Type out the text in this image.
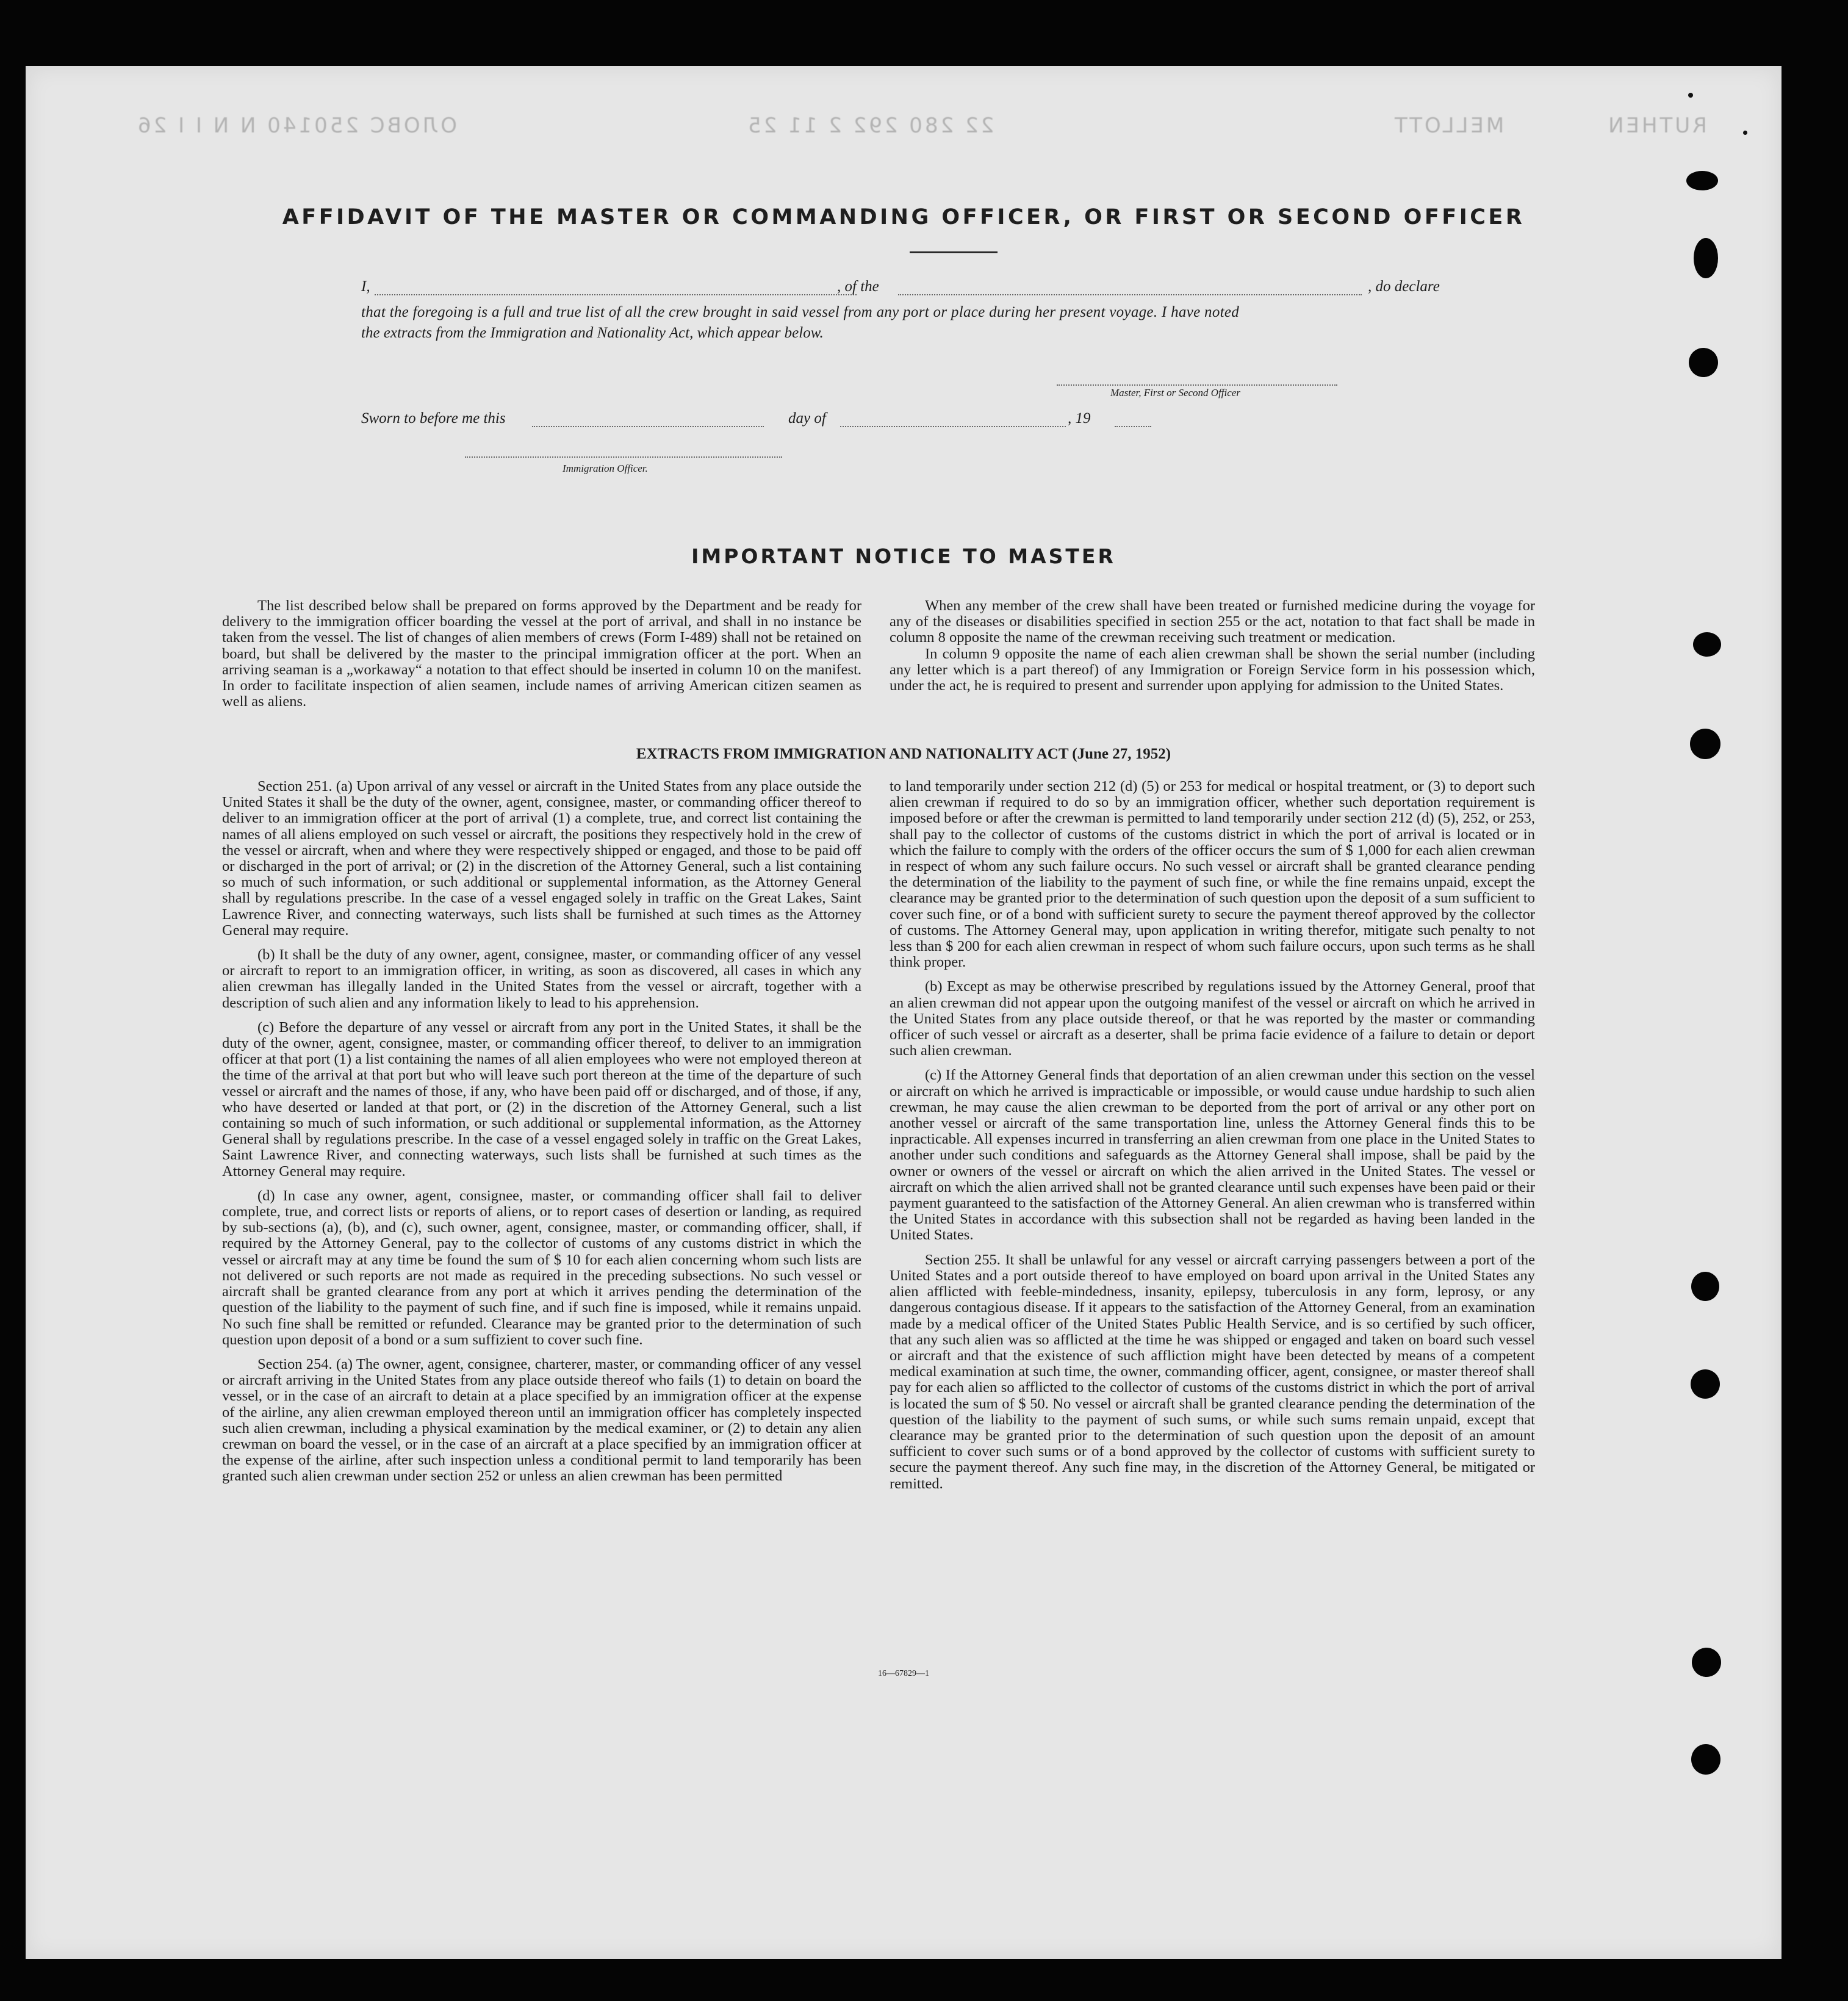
ОЛОВС 250140 N N I I 26	22 280 292 2 11 25	MELLOTT	RUTHEN
AFFIDAVIT OF THE MASTER OR COMMANDING OFFICER, OR FIRST OR SECOND OFFICER
I,	, of the	, do declare
that the foregoing is a full and true list of all the crew brought in said vessel from any port or place during her present voyage. I have noted
the extracts from the Immigration and Nationality Act, which appear below.
Master, First or Second Officer
Sworn to before me this	day of	, 19
Immigration Officer.
IMPORTANT NOTICE TO MASTER

The list described below shall be prepared on forms approved by the Department and be ready for delivery to the immigration officer boarding the vessel at the port of arrival, and shall in no instance be taken from the vessel. The list of changes of alien members of crews (Form I-489) shall not be retained on board, but shall be delivered by the master to the principal immigration officer at the port. When an arriving seaman is a „workaway“ a notation to that effect should be inserted in column 10 on the manifest. In order to facilitate inspection of alien seamen, include names of arriving American citizen seamen as well as aliens.

When any member of the crew shall have been treated or furnished medicine during the voyage for any of the diseases or disabilities specified in section 255 or the act, notation to that fact shall be made in column 8 opposite the name of the crewman receiving such treatment or medication.

In column 9 opposite the name of each alien crewman shall be shown the serial number (including any letter which is a part thereof) of any Immigration or Foreign Service form in his possession which, under the act, he is required to present and surrender upon applying for admission to the United States.

EXTRACTS FROM IMMIGRATION AND NATIONALITY ACT (June 27, 1952)

Section 251. (a) Upon arrival of any vessel or aircraft in the United States from any place outside the United States it shall be the duty of the owner, agent, consignee, master, or commanding officer thereof to deliver to an immigration officer at the port of arrival (1) a complete, true, and correct list containing the names of all aliens employed on such vessel or aircraft, the positions they respectively hold in the crew of the vessel or aircraft, when and where they were respectively shipped or engaged, and those to be paid off or discharged in the port of arrival; or (2) in the discretion of the Attorney General, such a list containing so much of such information, or such additional or supplemental information, as the Attorney General shall by regulations prescribe. In the case of a vessel engaged solely in traffic on the Great Lakes, Saint Lawrence River, and connecting waterways, such lists shall be furnished at such times as the Attorney General may require.

(b) It shall be the duty of any owner, agent, consignee, master, or commanding officer of any vessel or aircraft to report to an immigration officer, in writing, as soon as discovered, all cases in which any alien crewman has illegally landed in the United States from the vessel or aircraft, together with a description of such alien and any information likely to lead to his apprehension.

(c) Before the departure of any vessel or aircraft from any port in the United States, it shall be the duty of the owner, agent, consignee, master, or commanding officer thereof, to deliver to an immigration officer at that port (1) a list containing the names of all alien employees who were not employed thereon at the time of the arrival at that port but who will leave such port thereon at the time of the departure of such vessel or aircraft and the names of those, if any, who have been paid off or discharged, and of those, if any, who have deserted or landed at that port, or (2) in the discretion of the Attorney General, such a list containing so much of such information, or such additional or supplemental information, as the Attorney General shall by regulations prescribe. In the case of a vessel engaged solely in traffic on the Great Lakes, Saint Lawrence River, and connecting waterways, such lists shall be furnished at such times as the Attorney General may require.

(d) In case any owner, agent, consignee, master, or commanding officer shall fail to deliver complete, true, and correct lists or reports of aliens, or to report cases of desertion or landing, as required by sub-sections (a), (b), and (c), such owner, agent, consignee, master, or commanding officer, shall, if required by the Attorney General, pay to the collector of customs of any customs district in which the vessel or aircraft may at any time be found the sum of $ 10 for each alien concerning whom such lists are not delivered or such reports are not made as required in the preceding subsections. No such vessel or aircraft shall be granted clearance from any port at which it arrives pending the determination of the question of the liability to the payment of such fine, and if such fine is imposed, while it remains unpaid. No such fine shall be remitted or refunded. Clearance may be granted prior to the determination of such question upon deposit of a bond or a sum suffizient to cover such fine.

Section 254. (a) The owner, agent, consignee, charterer, master, or commanding officer of any vessel or aircraft arriving in the United States from any place outside thereof who fails (1) to detain on board the vessel, or in the case of an aircraft to detain at a place specified by an immigration officer at the expense of the airline, any alien crewman employed thereon until an immigration officer has completely inspected such alien crewman, including a physical examination by the medical examiner, or (2) to detain any alien crewman on board the vessel, or in the case of an aircraft at a place specified by an immigration officer at the expense of the airline, after such inspection unless a conditional permit to land temporarily has been granted such alien crewman under section 252 or unless an alien crewman has been permitted

to land temporarily under section 212 (d) (5) or 253 for medical or hospital treatment, or (3) to deport such alien crewman if required to do so by an immigration officer, whether such deportation requirement is imposed before or after the crewman is permitted to land temporarily under section 212 (d) (5), 252, or 253, shall pay to the collector of customs of the customs district in which the port of arrival is located or in which the failure to comply with the orders of the officer occurs the sum of $ 1,000 for each alien crewman in respect of whom any such failure occurs. No such vessel or aircraft shall be granted clearance pending the determination of the liability to the payment of such fine, or while the fine remains unpaid, except the clearance may be granted prior to the determination of such question upon the deposit of a sum sufficient to cover such fine, or of a bond with sufficient surety to secure the payment thereof approved by the collector of customs. The Attorney General may, upon application in writing therefor, mitigate such penalty to not less than $ 200 for each alien crewman in respect of whom such failure occurs, upon such terms as he shall think proper.

(b) Except as may be otherwise prescribed by regulations issued by the Attorney General, proof that an alien crewman did not appear upon the outgoing manifest of the vessel or aircraft on which he arrived in the United States from any place outside thereof, or that he was reported by the master or commanding officer of such vessel or aircraft as a deserter, shall be prima facie evidence of a failure to detain or deport such alien crewman.

(c) If the Attorney General finds that deportation of an alien crewman under this section on the vessel or aircraft on which he arrived is impracticable or impossible, or would cause undue hardship to such alien crewman, he may cause the alien crewman to be deported from the port of arrival or any other port on another vessel or aircraft of the same transportation line, unless the Attorney General finds this to be inpracticable. All expenses incurred in transferring an alien crewman from one place in the United States to another under such conditions and safeguards as the Attorney General shall impose, shall be paid by the owner or owners of the vessel or aircraft on which the alien arrived in the United States. The vessel or aircraft on which the alien arrived shall not be granted clearance until such expenses have been paid or their payment guaranteed to the satisfaction of the Attorney General. An alien crewman who is transferred within the United States in accordance with this subsection shall not be regarded as having been landed in the United States.

Section 255. It shall be unlawful for any vessel or aircraft carrying passengers between a port of the United States and a port outside thereof to have employed on board upon arrival in the United States any alien afflicted with feeble-mindedness, insanity, epilepsy, tuberculosis in any form, leprosy, or any dangerous contagious disease. If it appears to the satisfaction of the Attorney General, from an examination made by a medical officer of the United States Public Health Service, and is so certified by such officer, that any such alien was so afflicted at the time he was shipped or engaged and taken on board such vessel or aircraft and that the existence of such affliction might have been detected by means of a competent medical examination at such time, the owner, commanding officer, agent, consignee, or master thereof shall pay for each alien so afflicted to the collector of customs of the customs district in which the port of arrival is located the sum of $ 50. No vessel or aircraft shall be granted clearance pending the determination of the question of the liability to the payment of such sums, or while such sums remain unpaid, except that clearance may be granted prior to the determination of such question upon the deposit of an amount sufficient to cover such sums or of a bond approved by the collector of customs with sufficient surety to secure the payment thereof. Any such fine may, in the discretion of the Attorney General, be mitigated or remitted.

16—67829—1
